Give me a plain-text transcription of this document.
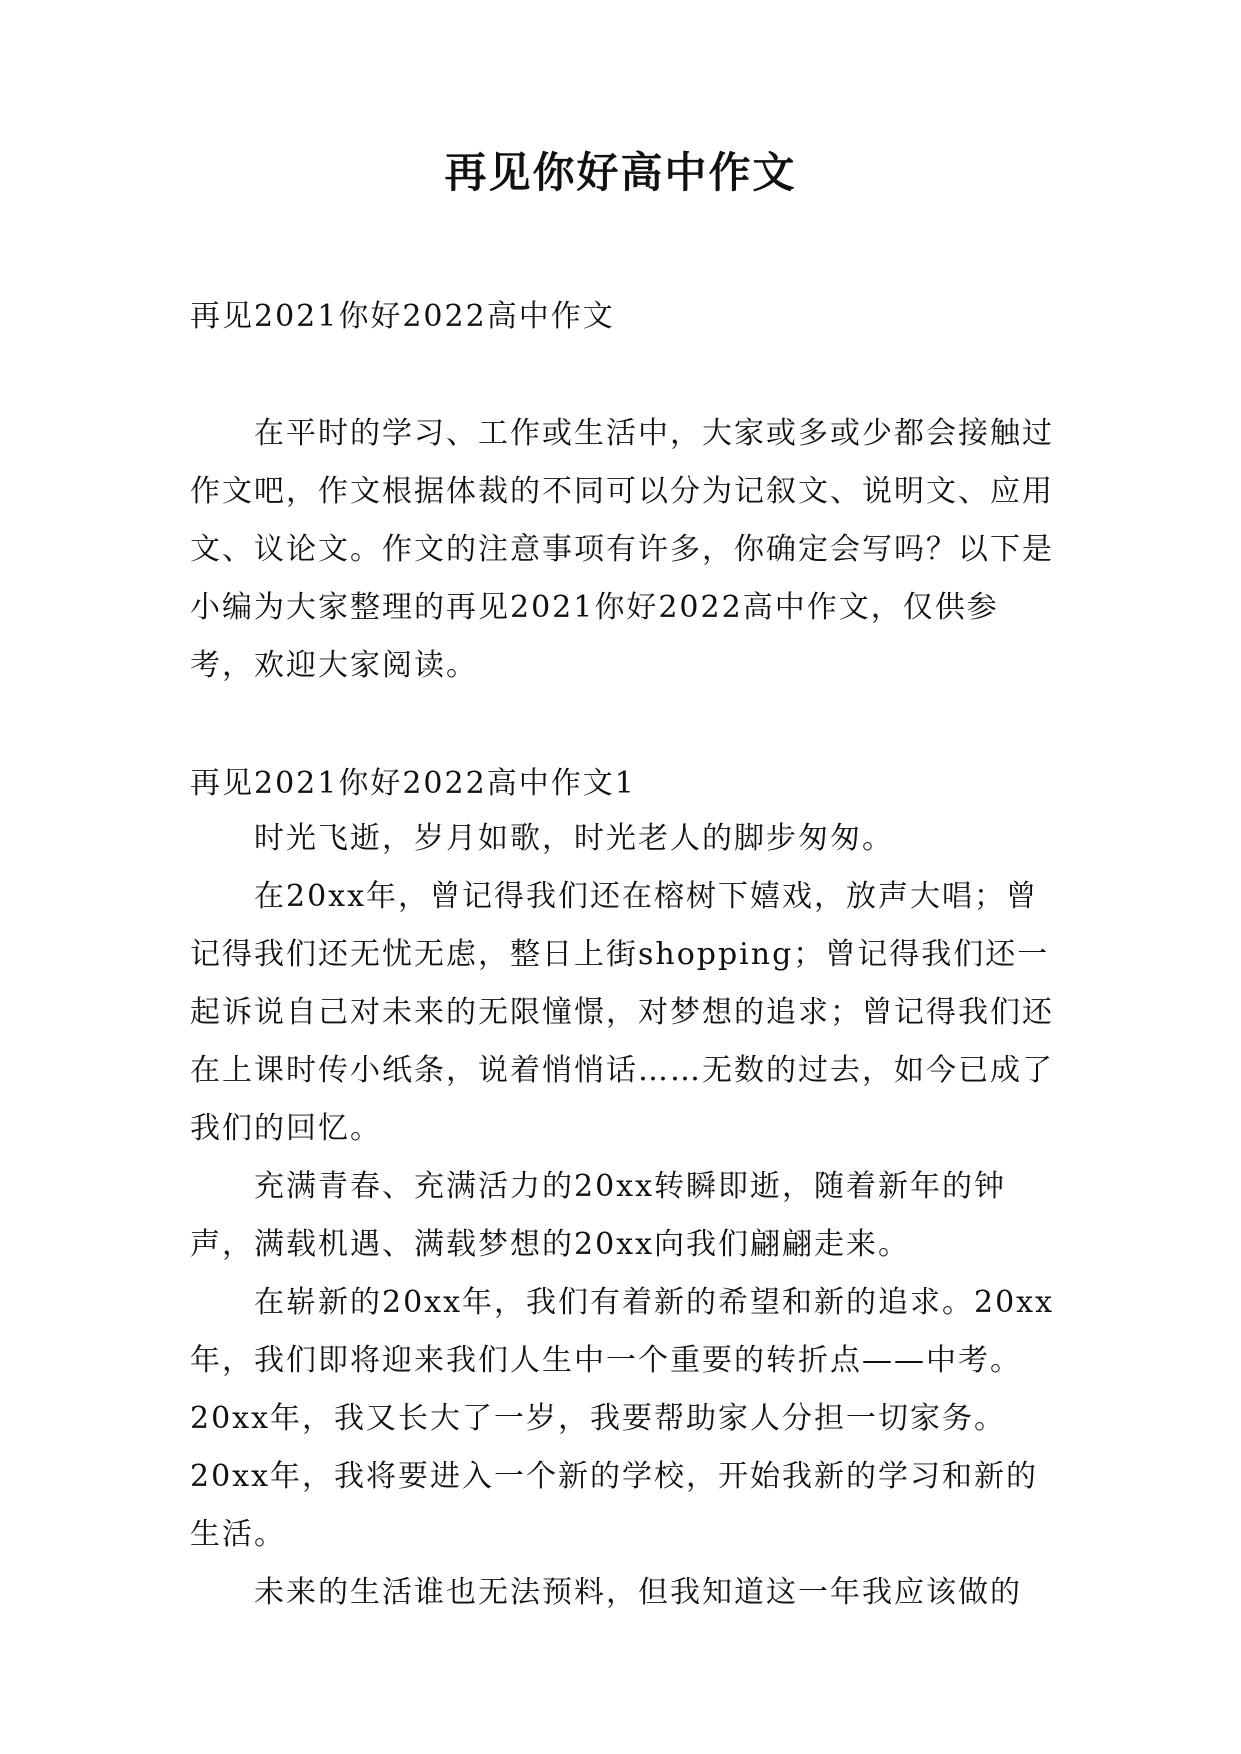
再见你好高中作文
再见2021你好2022高中作文

在平时的学习、工作或生活中，大家或多或少都会接触过作文吧，作文根据体裁的不同可以分为记叙文、说明文、应用文、议论文。作文的注意事项有许多，你确定会写吗？以下是小编为大家整理的再见2021你好2022高中作文，仅供参考，欢迎大家阅读。

再见2021你好2022高中作文1

时光飞逝，岁月如歌，时光老人的脚步匆匆。

在20xx年，曾记得我们还在榕树下嬉戏，放声大唱；曾记得我们还无忧无虑，整日上街shopping；曾记得我们还一起诉说自己对未来的无限憧憬，对梦想的追求；曾记得我们还在上课时传小纸条，说着悄悄话……无数的过去，如今已成了我们的回忆。

充满青春、充满活力的20xx转瞬即逝，随着新年的钟声，满载机遇、满载梦想的20xx向我们翩翩走来。

在崭新的20xx年，我们有着新的希望和新的追求。20xx年，我们即将迎来我们人生中一个重要的转折点——中考。20xx年，我又长大了一岁，我要帮助家人分担一切家务。20xx年，我将要进入一个新的学校，开始我新的学习和新的生活。

未来的生活谁也无法预料，但我知道这一年我应该做的
